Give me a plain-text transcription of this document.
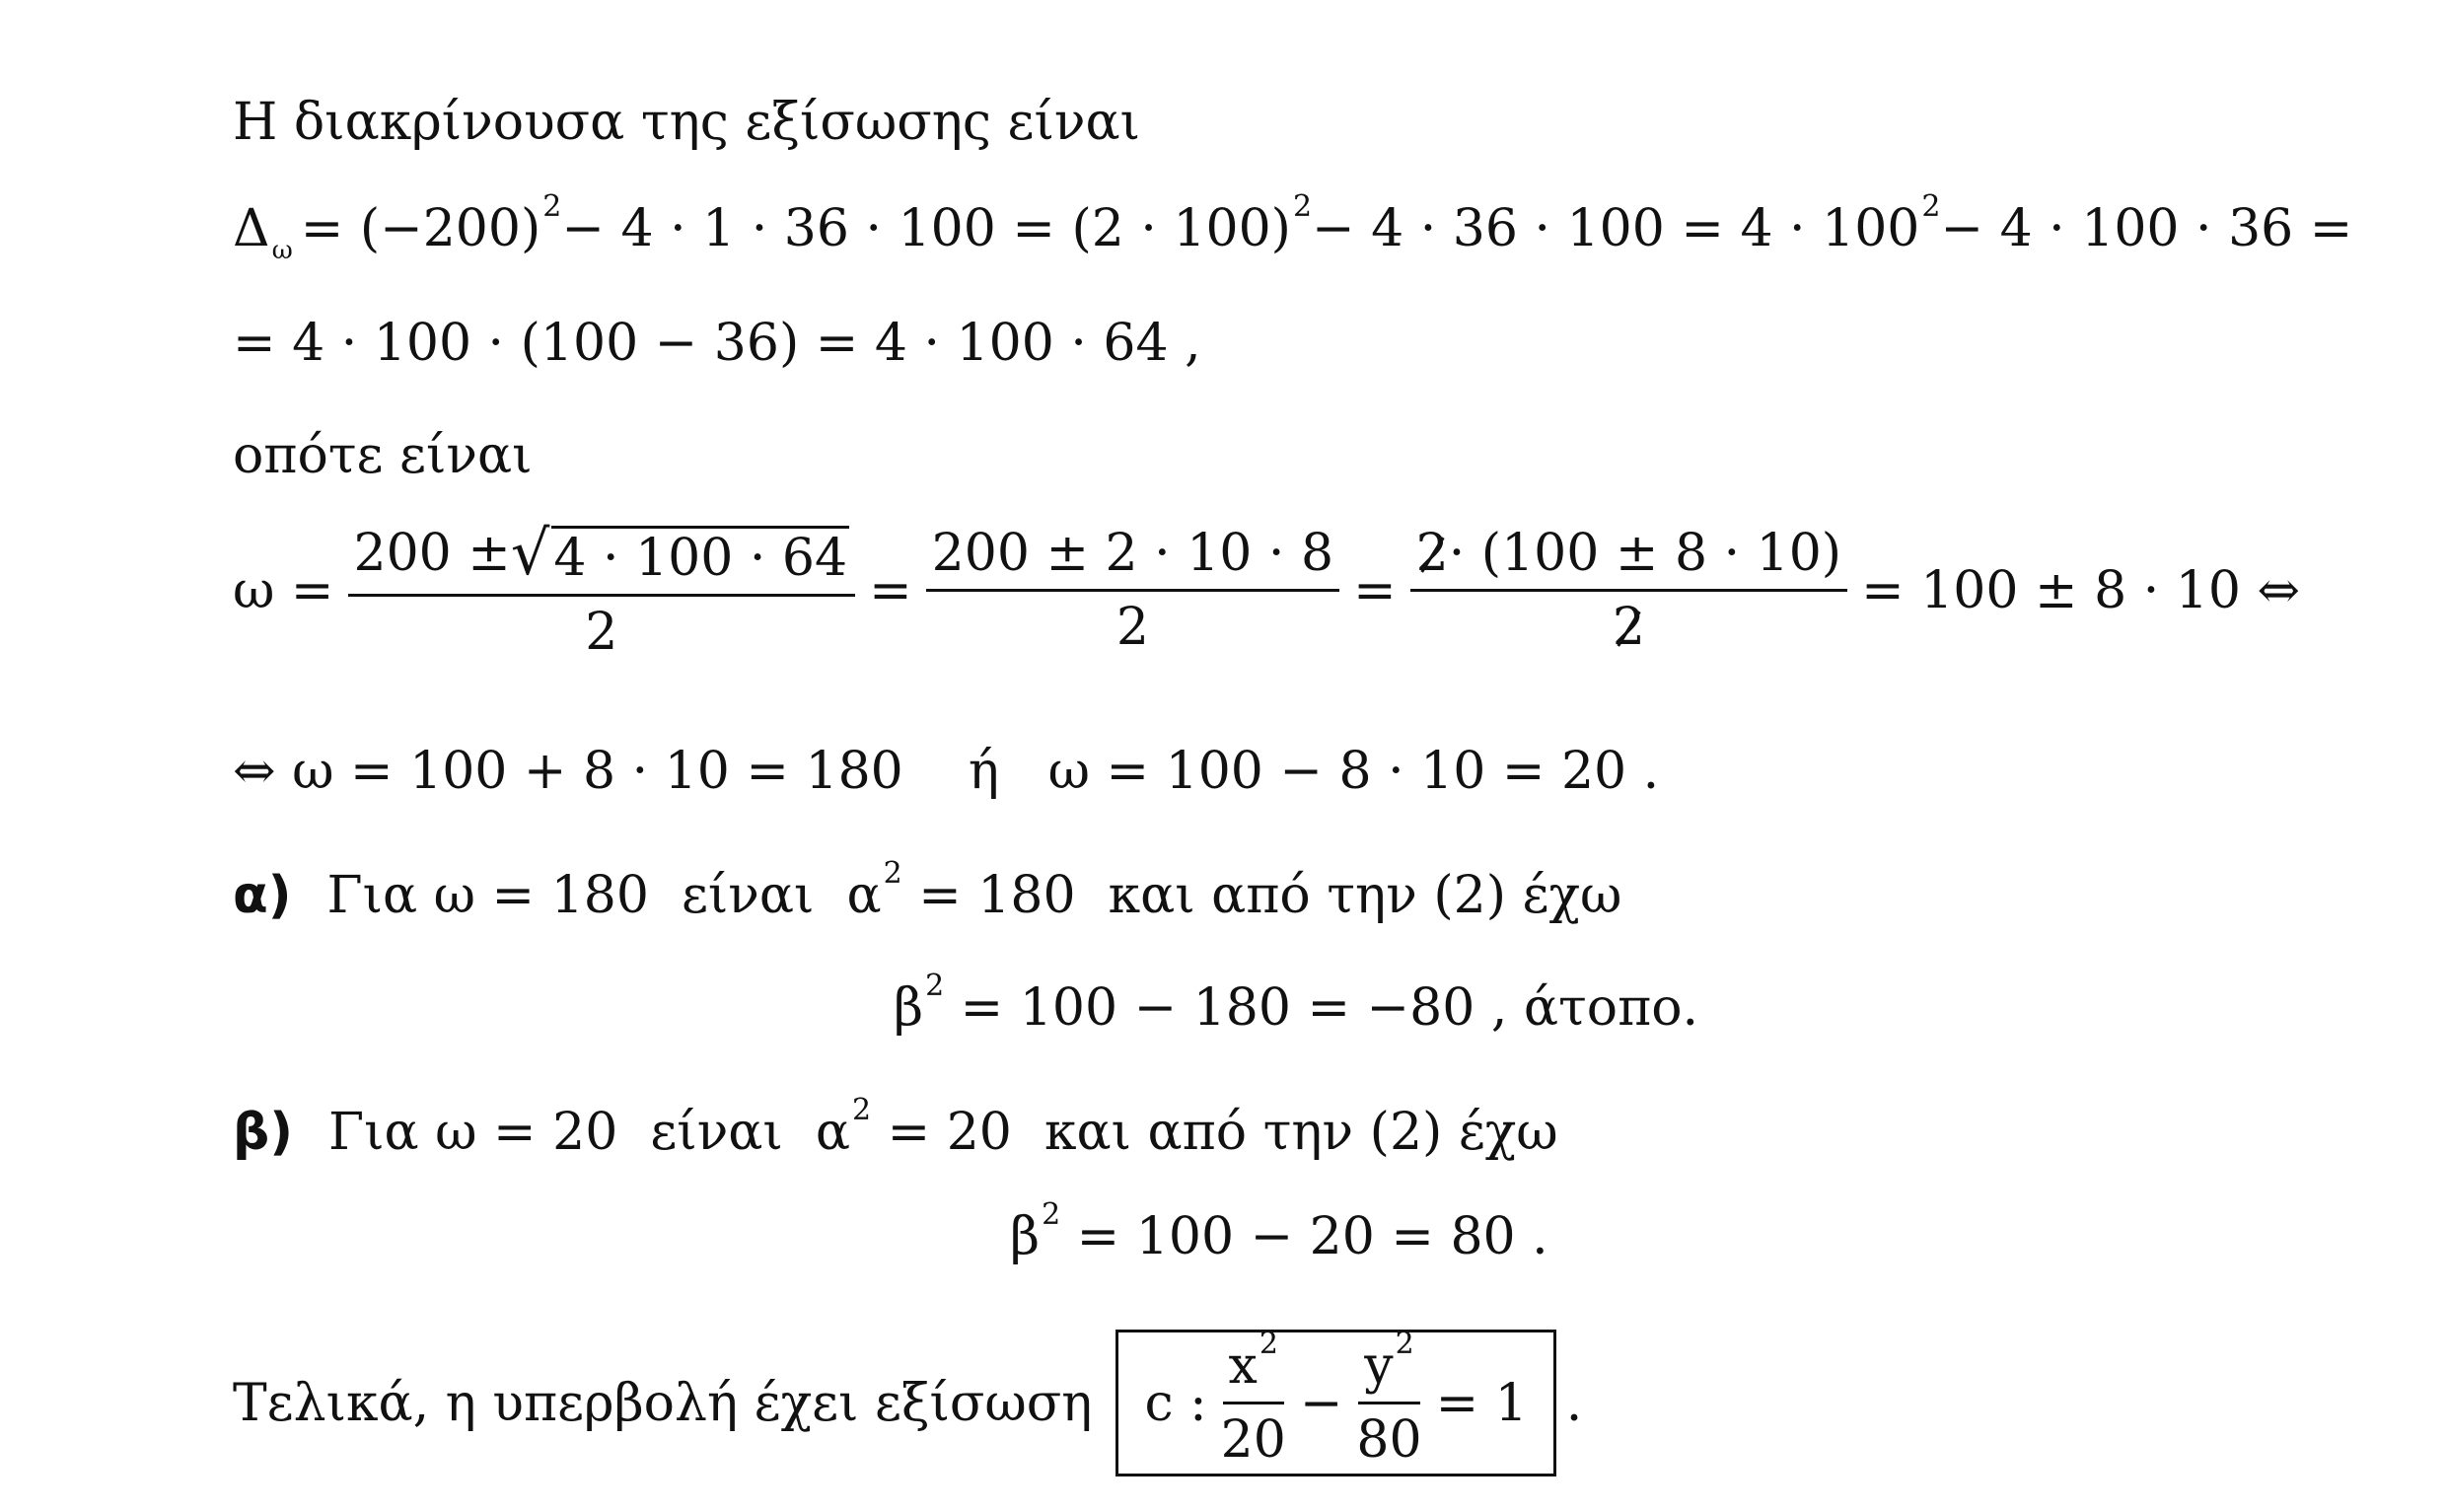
Η διακρίνουσα της εξίσωσης είναι
Δ ω = (−200) 2 − 4 · 1 · 36 · 100 = (2 · 100) 2 − 4 · 36 · 100 = 4 · 100 2 − 4 · 100 · 36 =
= 4 · 100 · (100 − 36) = 4 · 100 · 64 ,
οπότε είναι
$\omega = \frac{200 \pm √ 4 \cdot 100 \cdot 64}{2} = \frac{200 \pm 2 \cdot 10 \cdot 8}{2} = \frac{2 \cdot (100 \pm 8 \cdot 10)}{2} = 100 \pm 8 \cdot 10$ ⇔
⇔ ω = 100 + 8 · 10 = 180    ή   ω = 100 − 8 · 10 = 20 .
α) Για ω = 180  είναι  α 2 = 180  και από την (2) έχω
β 2 = 100 − 180 = −80 , άτοπο.
β) Για ω = 20  είναι  α 2 = 20  και από την (2) έχω
β 2 = 100 − 20 = 80 .
Τελικά, η υπερβολή έχει εξίσωση c : $\frac{x 2}{20} - \frac{y 2}{80} = 1$ .
